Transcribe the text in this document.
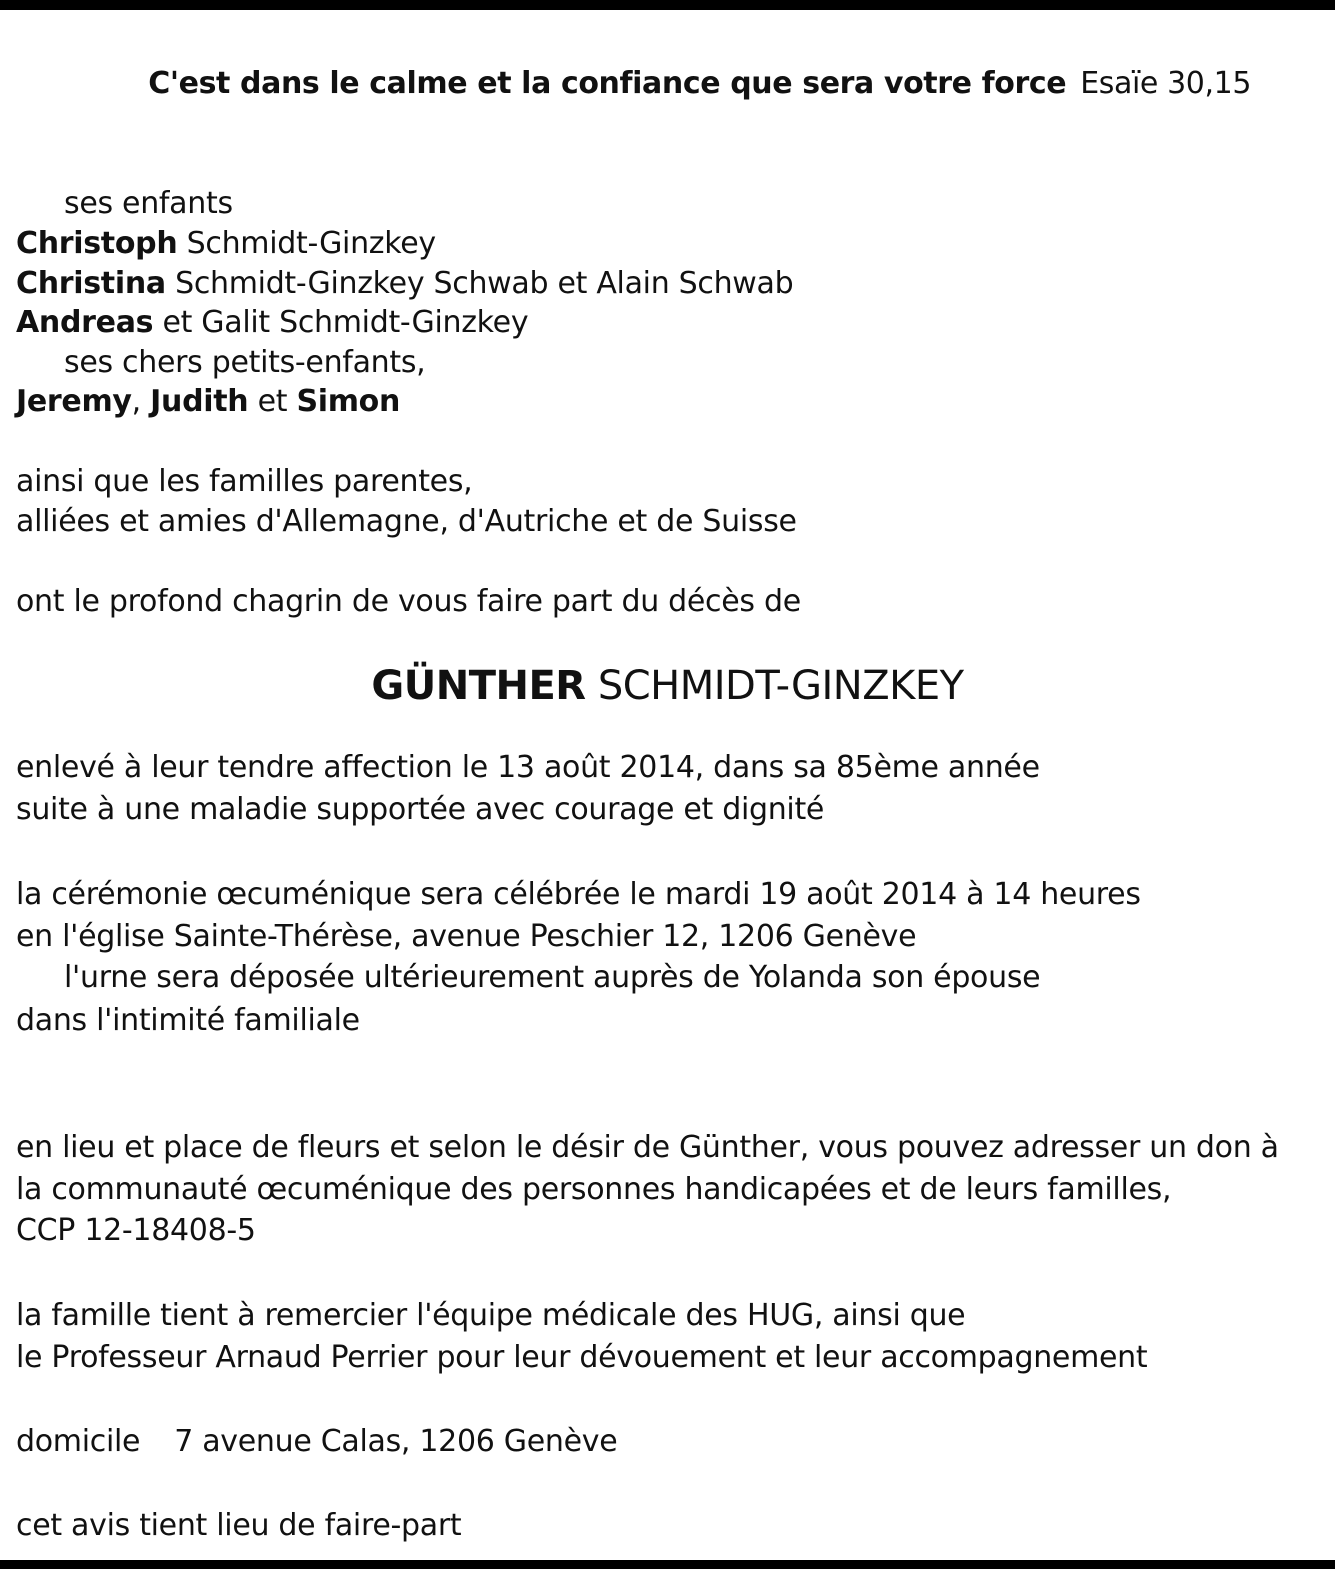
C'est dans le calme et la confiance que sera votre force Esaïe 30,15
ses enfants
Christoph Schmidt-Ginzkey
Christina Schmidt-Ginzkey Schwab et Alain Schwab
Andreas et Galit Schmidt-Ginzkey
ses chers petits-enfants,
Jeremy, Judith et Simon
ainsi que les familles parentes,
alliées et amies d'Allemagne, d'Autriche et de Suisse
ont le profond chagrin de vous faire part du décès de
GÜNTHER SCHMIDT-GINZKEY
enlevé à leur tendre affection le 13 août 2014, dans sa 85ème année
suite à une maladie supportée avec courage et dignité
la cérémonie œcuménique sera célébrée le mardi 19 août 2014 à 14 heures
en l'église Sainte-Thérèse, avenue Peschier 12, 1206 Genève
l'urne sera déposée ultérieurement auprès de Yolanda son épouse
dans l'intimité familiale
en lieu et place de fleurs et selon le désir de Günther, vous pouvez adresser un don à
la communauté œcuménique des personnes handicapées et de leurs familles,
CCP 12-18408-5
la famille tient à remercier l'équipe médicale des HUG, ainsi que
le Professeur Arnaud Perrier pour leur dévouement et leur accompagnement
domicile 7 avenue Calas, 1206 Genève
cet avis tient lieu de faire-part
